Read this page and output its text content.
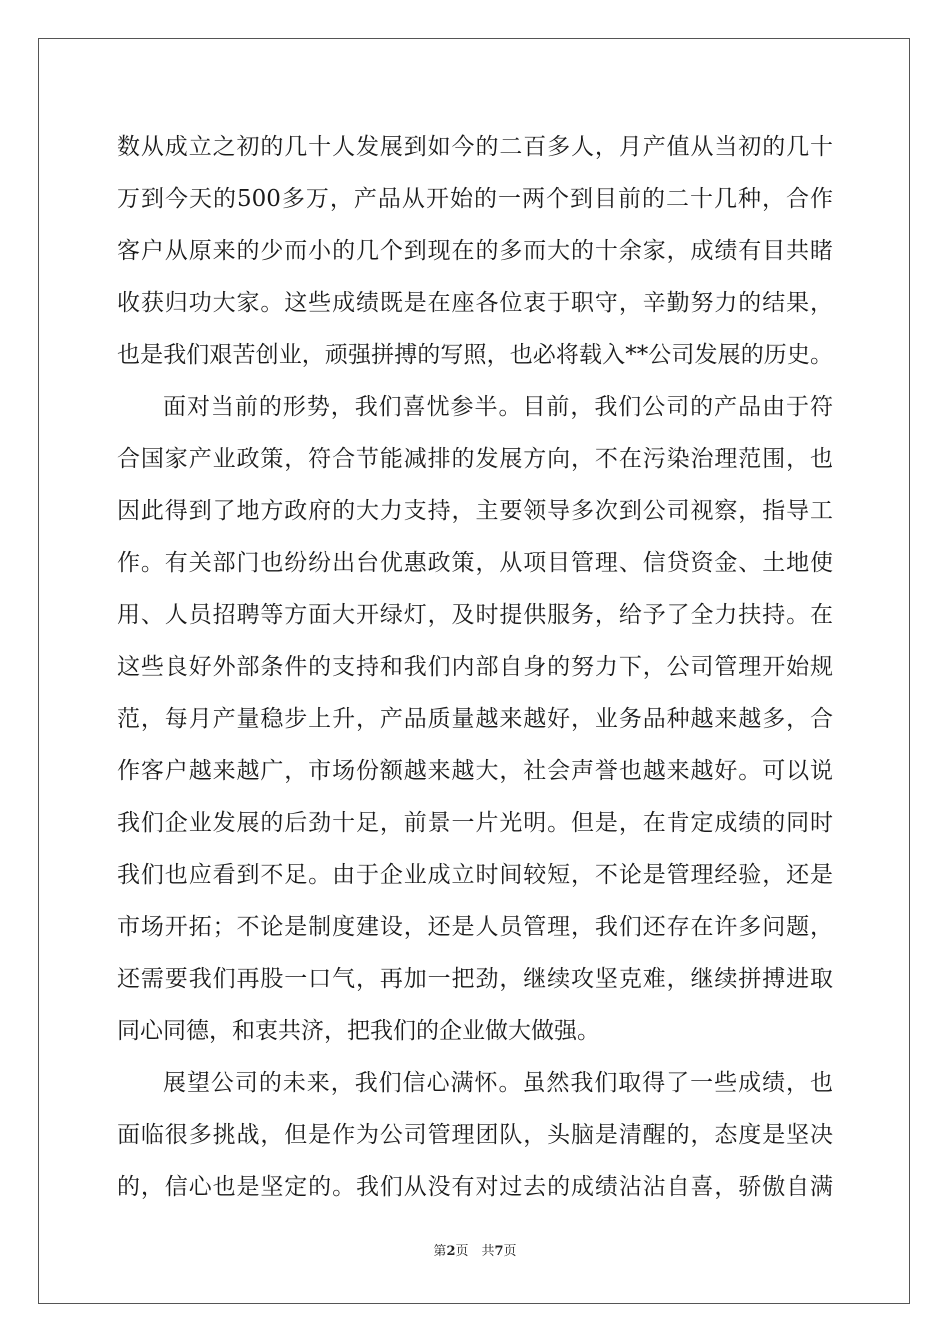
数从成立之初的几十人发展到如今的二百多人，月产值从当初的几十
万到今天的500多万，产品从开始的一两个到目前的二十几种，合作
客户从原来的少而小的几个到现在的多而大的十余家，成绩有目共睹
收获归功大家。这些成绩既是在座各位衷于职守，辛勤努力的结果，
也是我们艰苦创业，顽强拼搏的写照，也必将载入**公司发展的历史。
面对当前的形势，我们喜忧参半。目前，我们公司的产品由于符
合国家产业政策，符合节能减排的发展方向，不在污染治理范围，也
因此得到了地方政府的大力支持，主要领导多次到公司视察，指导工
作。有关部门也纷纷出台优惠政策，从项目管理、信贷资金、土地使
用、人员招聘等方面大开绿灯，及时提供服务，给予了全力扶持。在
这些良好外部条件的支持和我们内部自身的努力下，公司管理开始规
范，每月产量稳步上升，产品质量越来越好，业务品种越来越多，合
作客户越来越广，市场份额越来越大，社会声誉也越来越好。可以说
我们企业发展的后劲十足，前景一片光明。但是，在肯定成绩的同时
我们也应看到不足。由于企业成立时间较短，不论是管理经验，还是
市场开拓；不论是制度建设，还是人员管理，我们还存在许多问题，
还需要我们再股一口气，再加一把劲，继续攻坚克难，继续拼搏进取
同心同德，和衷共济，把我们的企业做大做强。
展望公司的未来，我们信心满怀。虽然我们取得了一些成绩，也
面临很多挑战，但是作为公司管理团队，头脑是清醒的，态度是坚决
的，信心也是坚定的。我们从没有对过去的成绩沾沾自喜，骄傲自满
第2页　共7页
